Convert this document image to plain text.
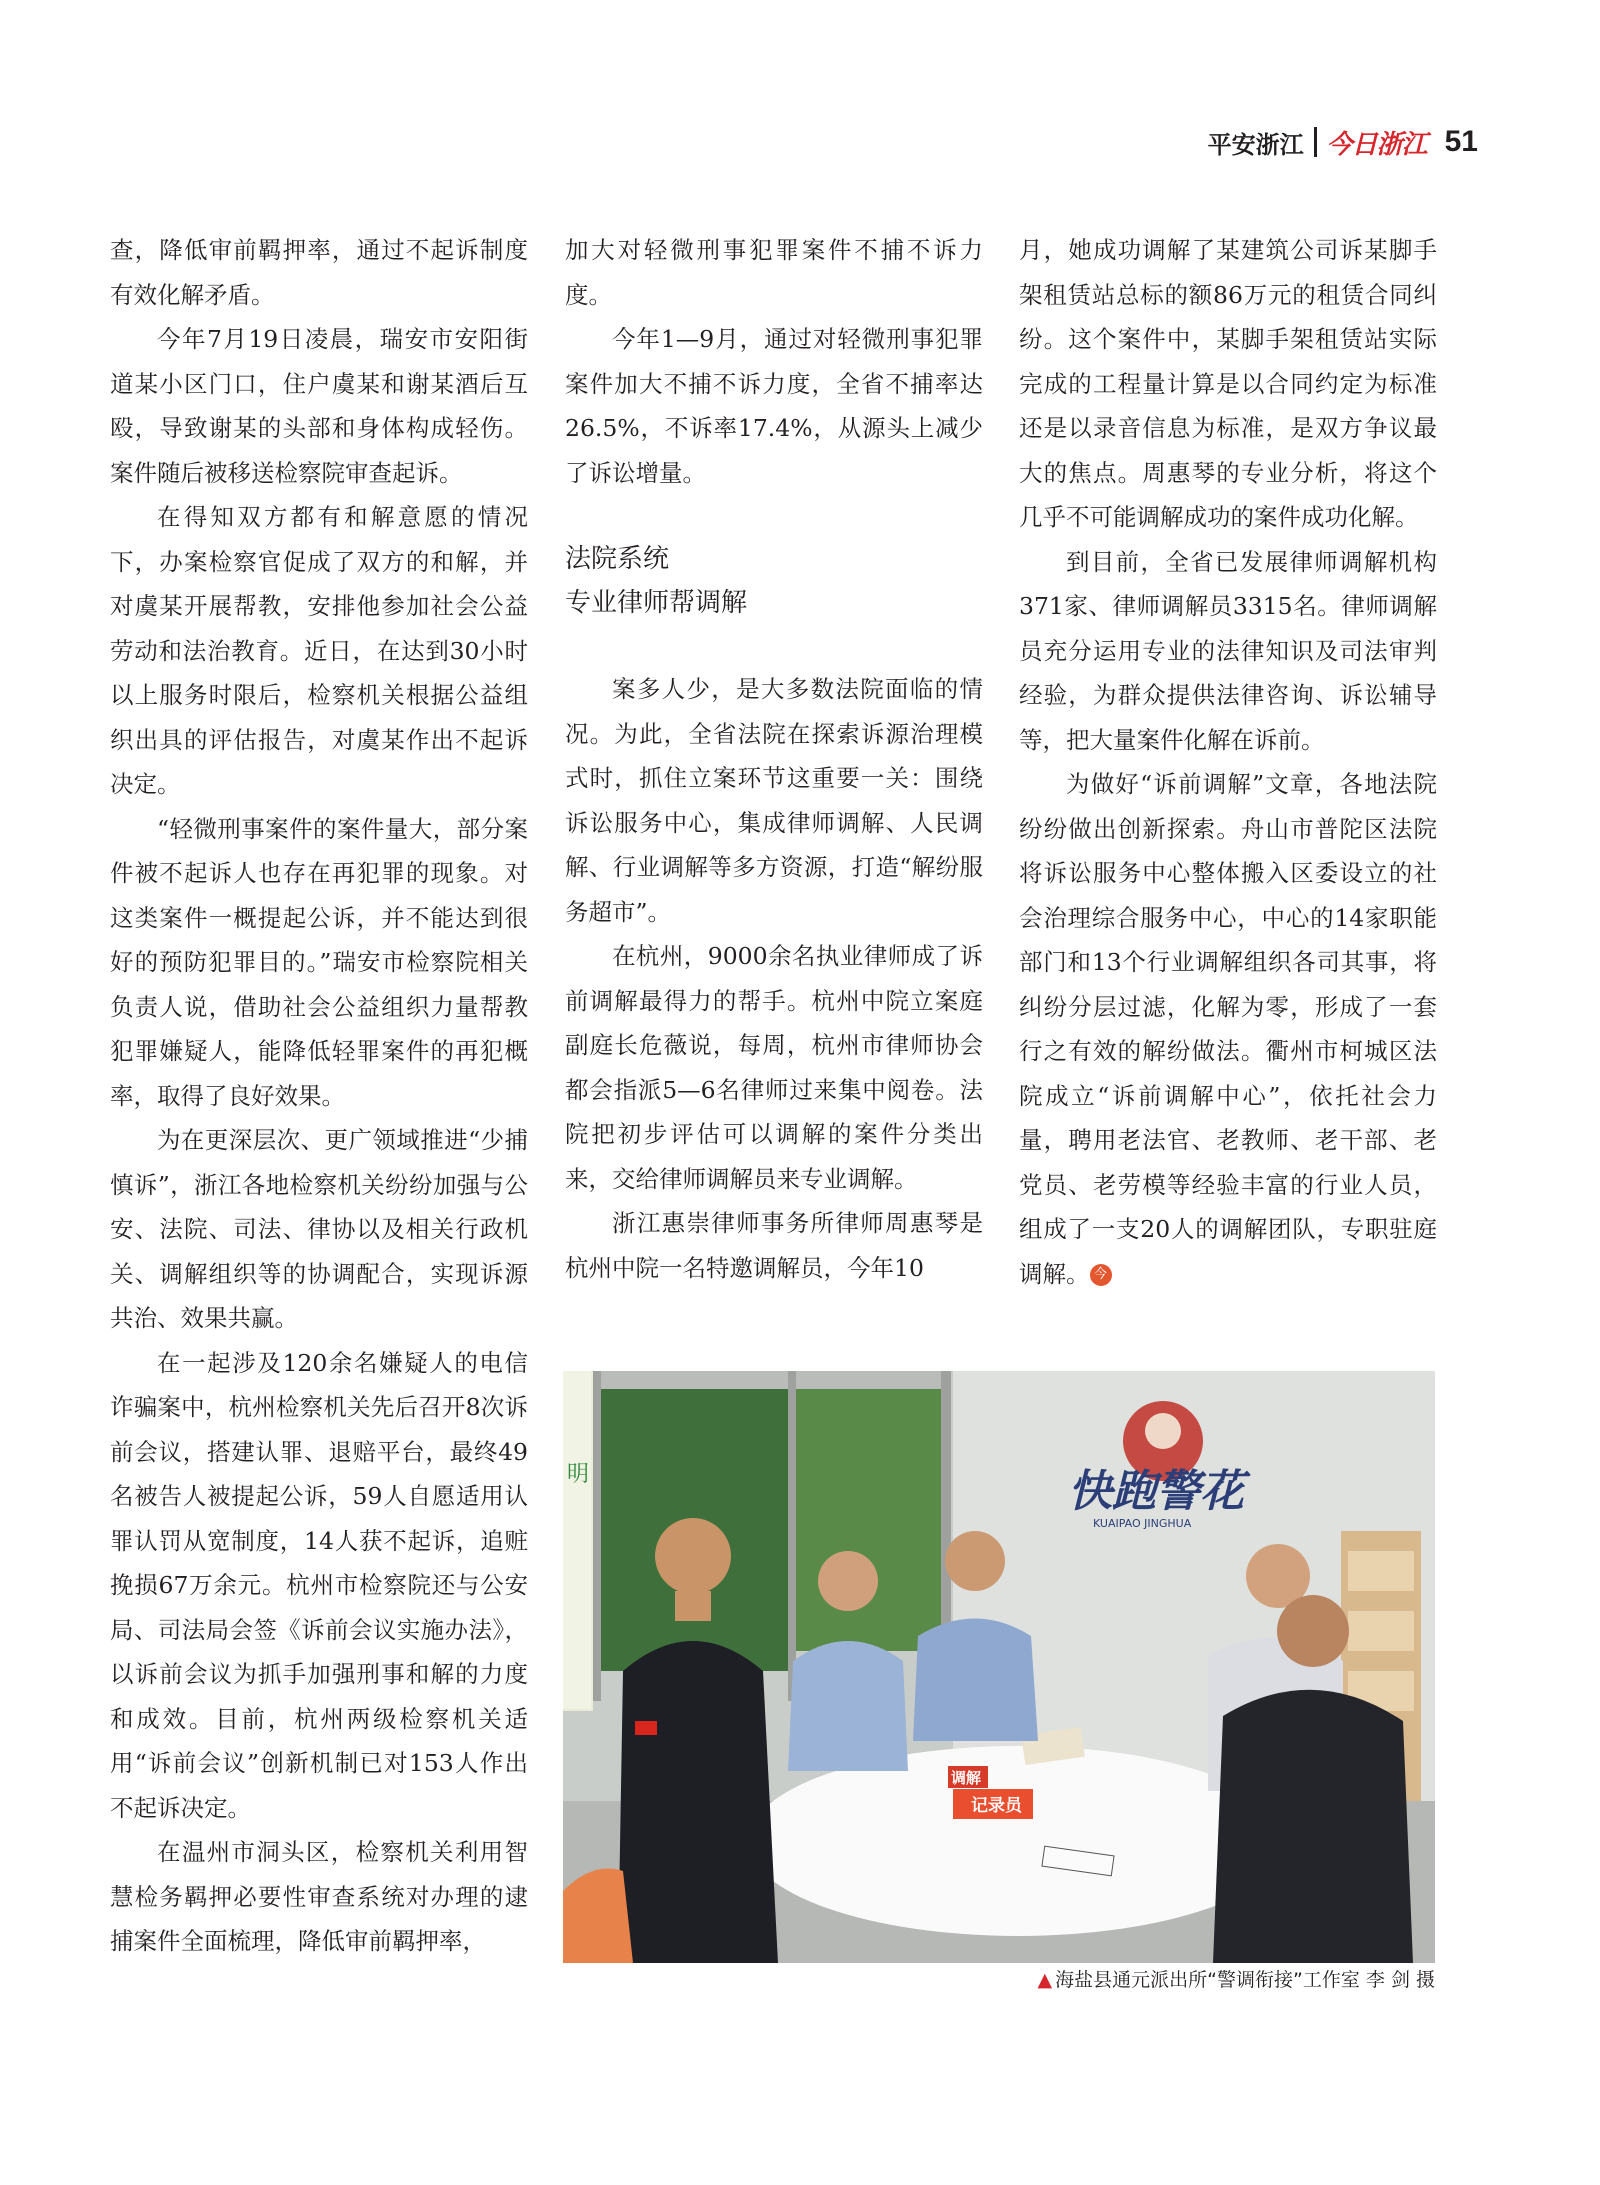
平安浙江 今日浙江 51

查，降低审前羁押率，通过不起诉制度有效化解矛盾。

今年7月19日凌晨，瑞安市安阳街道某小区门口，住户虞某和谢某酒后互殴，导致谢某的头部和身体构成轻伤。案件随后被移送检察院审查起诉。

在得知双方都有和解意愿的情况下，办案检察官促成了双方的和解，并对虞某开展帮教，安排他参加社会公益劳动和法治教育。近日，在达到30小时以上服务时限后，检察机关根据公益组织出具的评估报告，对虞某作出不起诉决定。

“轻微刑事案件的案件量大，部分案件被不起诉人也存在再犯罪的现象。对这类案件一概提起公诉，并不能达到很好的预防犯罪目的。”瑞安市检察院相关负责人说，借助社会公益组织力量帮教犯罪嫌疑人，能降低轻罪案件的再犯概率，取得了良好效果。

为在更深层次、更广领域推进“少捕慎诉”，浙江各地检察机关纷纷加强与公安、法院、司法、律协以及相关行政机关、调解组织等的协调配合，实现诉源共治、效果共赢。

在一起涉及120余名嫌疑人的电信诈骗案中，杭州检察机关先后召开8次诉前会议，搭建认罪、退赔平台，最终49名被告人被提起公诉，59人自愿适用认罪认罚从宽制度，14人获不起诉，追赃挽损67万余元。杭州市检察院还与公安局、司法局会签《诉前会议实施办法》，以诉前会议为抓手加强刑事和解的力度和成效。目前，杭州两级检察机关适用“诉前会议”创新机制已对153人作出不起诉决定。

在温州市洞头区，检察机关利用智慧检务羁押必要性审查系统对办理的逮捕案件全面梳理，降低审前羁押率，

加大对轻微刑事犯罪案件不捕不诉力度。

今年1—9月，通过对轻微刑事犯罪案件加大不捕不诉力度，全省不捕率达26.5%，不诉率17.4%，从源头上减少了诉讼增量。

法院系统
专业律师帮调解

案多人少，是大多数法院面临的情况。为此，全省法院在探索诉源治理模式时，抓住立案环节这重要一关：围绕诉讼服务中心，集成律师调解、人民调解、行业调解等多方资源，打造“解纷服务超市”。

在杭州，9000余名执业律师成了诉前调解最得力的帮手。杭州中院立案庭副庭长危薇说，每周，杭州市律师协会都会指派5—6名律师过来集中阅卷。法院把初步评估可以调解的案件分类出来，交给律师调解员来专业调解。

浙江惠崇律师事务所律师周惠琴是杭州中院一名特邀调解员，今年10

月，她成功调解了某建筑公司诉某脚手架租赁站总标的额86万元的租赁合同纠纷。这个案件中，某脚手架租赁站实际完成的工程量计算是以合同约定为标准还是以录音信息为标准，是双方争议最大的焦点。周惠琴的专业分析，将这个几乎不可能调解成功的案件成功化解。

到目前，全省已发展律师调解机构371家、律师调解员3315名。律师调解员充分运用专业的法律知识及司法审判经验，为群众提供法律咨询、诉讼辅导等，把大量案件化解在诉前。

为做好“诉前调解”文章，各地法院纷纷做出创新探索。舟山市普陀区法院将诉讼服务中心整体搬入区委设立的社会治理综合服务中心，中心的14家职能部门和13个行业调解组织各司其事，将纠纷分层过滤，化解为零，形成了一套行之有效的解纷做法。衢州市柯城区法院成立“诉前调解中心”，依托社会力量，聘用老法官、老教师、老干部、老党员、老劳模等经验丰富的行业人员，组成了一支20人的调解团队，专职驻庭调解。 今

明	快跑警花
KUAIPAO JINGHUA
调解
记录员
▲ 海盐县通元派出所“警调衔接”工作室 李 剑 摄
